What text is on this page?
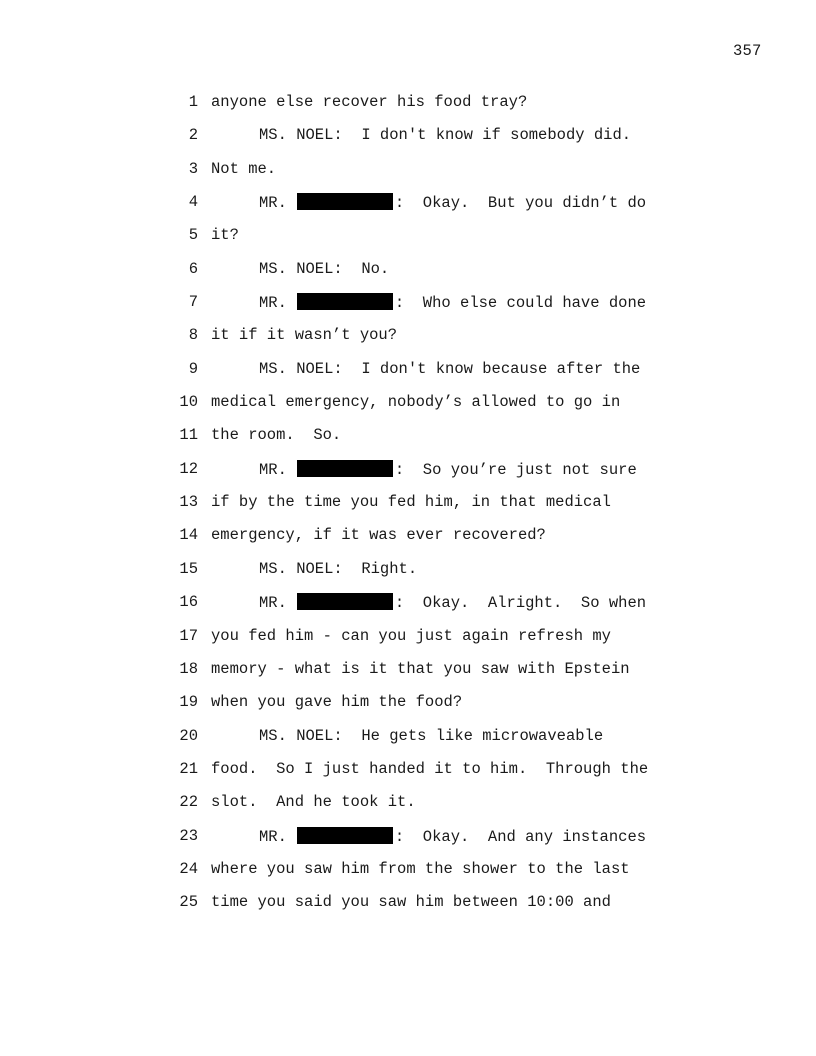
357

1

anyone else recover his food tray?

2

	MS. NOEL:  I don't know if somebody did.

3

Not me.

4

	MR.	:  Okay.  But you didn’t do

5

it?

6

	MS. NOEL:  No.

7

	MR.	:  Who else could have done

8

it if it wasn’t you?

9

	MS. NOEL:  I don't know because after the

10

medical emergency, nobody’s allowed to go in

11

the room.  So.

12

	MR.	:  So you’re just not sure

13

if by the time you fed him, in that medical

14

emergency, if it was ever recovered?

15

	MS. NOEL:  Right.

16

	MR.	:  Okay.  Alright.  So when

17

you fed him - can you just again refresh my

18

memory - what is it that you saw with Epstein

19

when you gave him the food?

20

	MS. NOEL:  He gets like microwaveable

21

food.  So I just handed it to him.  Through the

22

slot.  And he took it.

23

	MR.	:  Okay.  And any instances

24

where you saw him from the shower to the last

25

time you said you saw him between 10:00 and
